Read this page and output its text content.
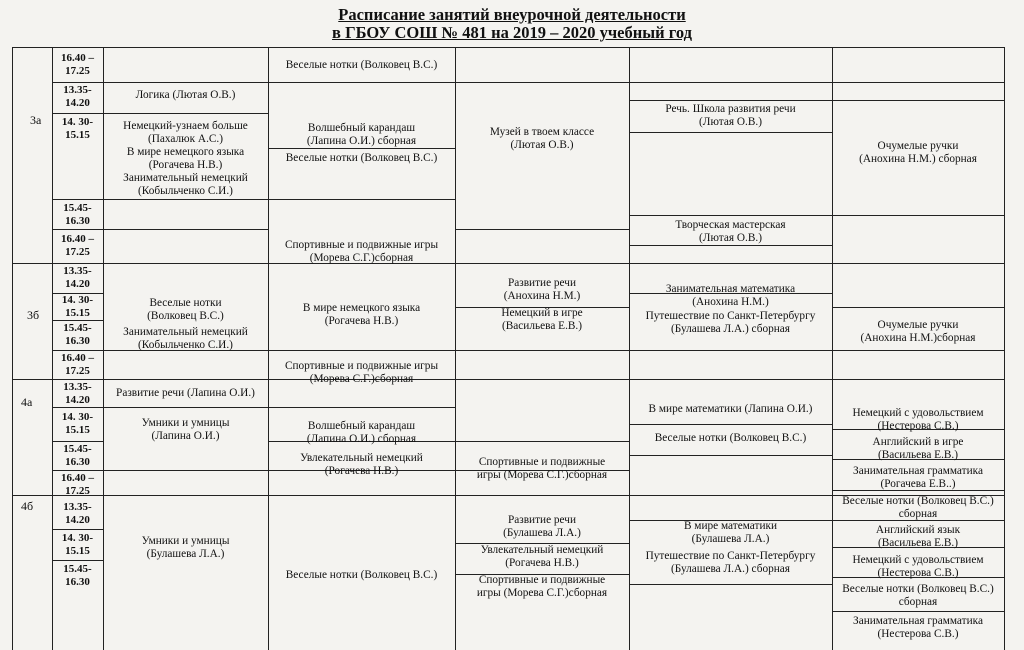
Расписание занятий внеурочной деятельности
в ГБОУ СОШ № 481 на 2019 – 2020 учебный год
3а
3б
4а
4б
16.40 –
17.25
13.35-
14.20
14. 30-
15.15
15.45-
16.30
16.40 –
17.25
13.35-
14.20
14. 30-
15.15
15.45-
16.30
16.40 –
17.25
13.35-
14.20
14. 30-
15.15
15.45-
16.30
16.40 –
17.25
13.35-
14.20
14. 30-
15.15
15.45-
16.30
Веселые нотки (Волковец В.С.)
Логика (Лютая О.В.)
Немецкий-узнаем больше
(Пахалюк А.С.)
В мире немецкого языка
(Рогачева Н.В.)
Занимательный немецкий
(Кобыльченко С.И.)
Волшебный карандаш
(Лапина О.И.) сборная
Веселые нотки (Волковец В.С.)
Спортивные и подвижные игры
(Морева С.Г.)сборная
Музей в твоем классе
(Лютая О.В.)
Речь. Школа развития речи
(Лютая О.В.)
Творческая мастерская
(Лютая О.В.)
Очумелые ручки
(Анохина Н.М.) сборная
Веселые нотки
(Волковец В.С.)
Занимательный немецкий
(Кобыльченко С.И.)
В мире немецкого языка
(Рогачева Н.В.)
Спортивные и подвижные игры
(Морева С.Г.)сборная
Развитие речи
(Анохина Н.М.)
Немецкий в игре
(Васильева Е.В.)
Занимательная математика
(Анохина Н.М.)
Путешествие по Санкт-Петербургу
(Булашева Л.А.) сборная	Очумелые ручки
(Анохина Н.М.)сборная
Развитие речи (Лапина О.И.)
Умники и умницы
(Лапина О.И.)
Волшебный карандаш
(Лапина О.И.) сборная
Увлекательный немецкий
(Рогачева Н.В.)
Спортивные и подвижные
игры (Морева С.Г.)сборная
В мире математики (Лапина О.И.)
Веселые нотки (Волковец В.С.)
Немецкий с удовольствием
(Нестерова С.В.)
Английский в игре
(Васильева Е.В.)
Занимательная грамматика
(Рогачева Е.В..)
Веселые нотки (Волковец В.С.)
сборная
Умники и умницы
(Булашева Л.А.)
Веселые нотки (Волковец В.С.)
Развитие речи
(Булашева Л.А.)
Увлекательный немецкий
(Рогачева Н.В.)
Спортивные и подвижные
игры (Морева С.Г.)сборная
В мире математики
(Булашева Л.А.)
Путешествие по Санкт-Петербургу
(Булашева Л.А.) сборная
Английский язык
(Васильева Е.В.)
Немецкий с удовольствием
(Нестерова С.В.)
Веселые нотки (Волковец В.С.)
сборная
Занимательная грамматика
(Нестерова С.В.)
